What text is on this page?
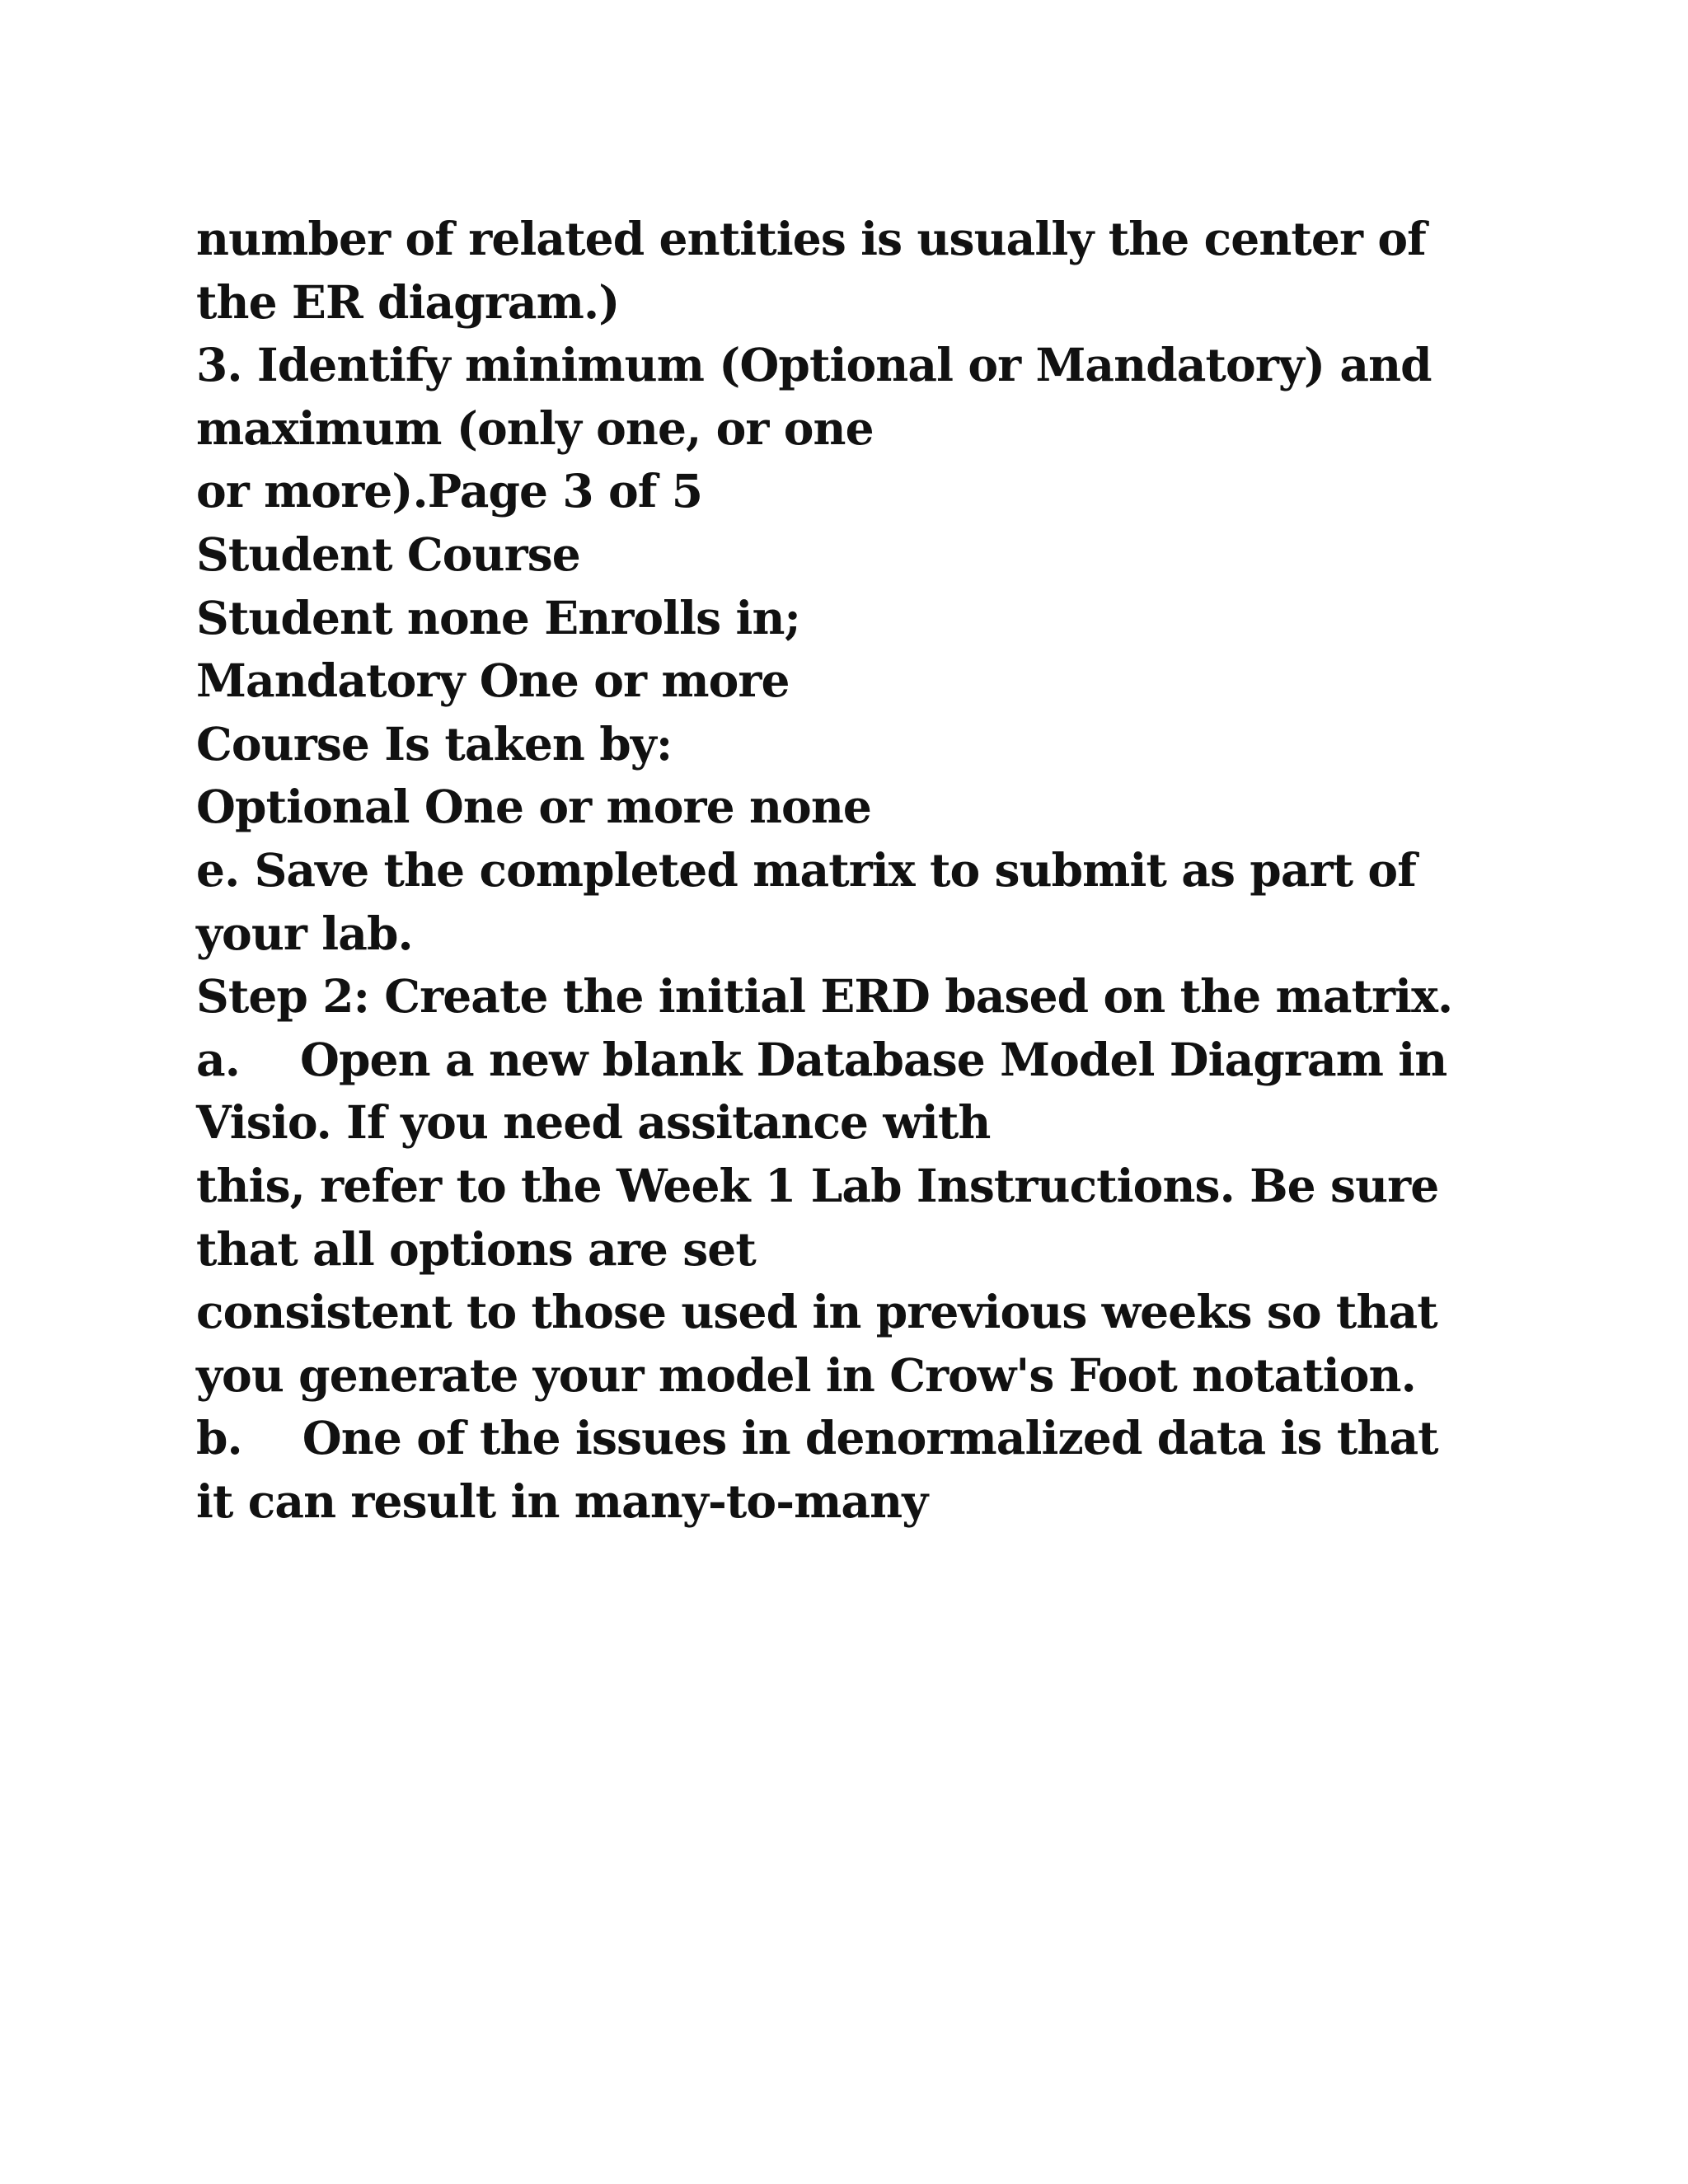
number of related entities is usually the center of
the ER diagram.)
3. Identify minimum (Optional or Mandatory) and
maximum (only one, or one
or more).Page 3 of 5
Student Course
Student none Enrolls in;
Mandatory One or more
Course Is taken by:
Optional One or more none
e. Save the completed matrix to submit as part of
your lab.
Step 2: Create the initial ERD based on the matrix.
a.    Open a new blank Database Model Diagram in
Visio. If you need assitance with
this, refer to the Week 1 Lab Instructions. Be sure
that all options are set
consistent to those used in previous weeks so that
you generate your model in Crow's Foot notation.
b.    One of the issues in denormalized data is that
it can result in many-to-many
